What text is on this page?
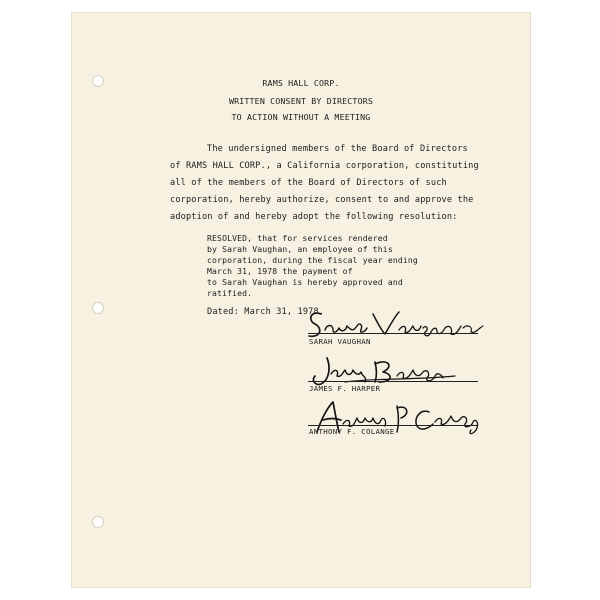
RAMS HALL CORP.
WRITTEN CONSENT BY DIRECTORS
TO ACTION WITHOUT A MEETING
The undersigned members of the Board of Directors
of RAMS HALL CORP., a California corporation, constituting
all of the members of the Board of Directors of such
corporation, hereby authorize, consent to and approve the
adoption of and hereby adopt the following resolution:
RESOLVED, that for services rendered
by Sarah Vaughan, an employee of this
corporation, during the fiscal year ending
March 31, 1978 the payment of
to Sarah Vaughan is hereby approved and
ratified.
Dated: March 31, 1978.
SARAH VAUGHAN
JAMES F. HARPER
ANTHONY F. COLANGE
